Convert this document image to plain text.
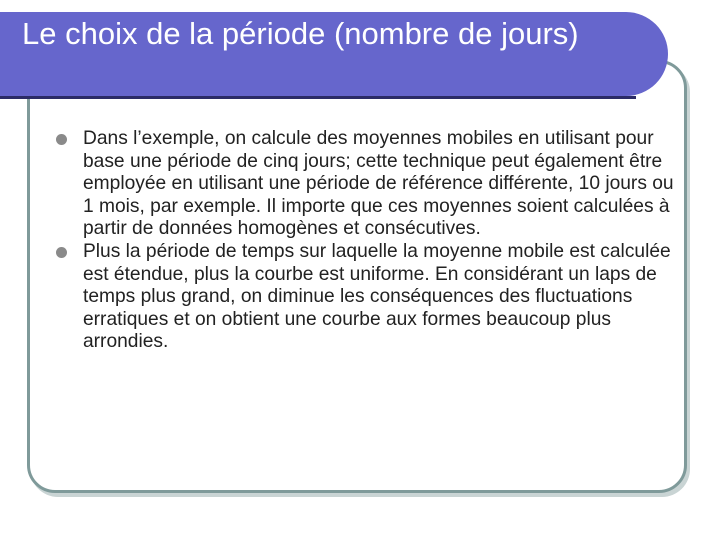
Le choix de la période (nombre de jours)
Dans l’exemple, on calcule des moyennes mobiles en utilisant pour base une période de cinq jours; cette technique peut également être employée en utilisant une période de référence différente, 10 jours ou 1 mois, par exemple. Il importe que ces moyennes soient calculées à partir de données homogènes et consécutives.
Plus la période de temps sur laquelle la moyenne mobile est calculée est étendue, plus la courbe est uniforme. En considérant un laps de temps plus grand, on diminue les conséquences des fluctuations erratiques et on obtient une courbe aux formes beaucoup plus arrondies.
